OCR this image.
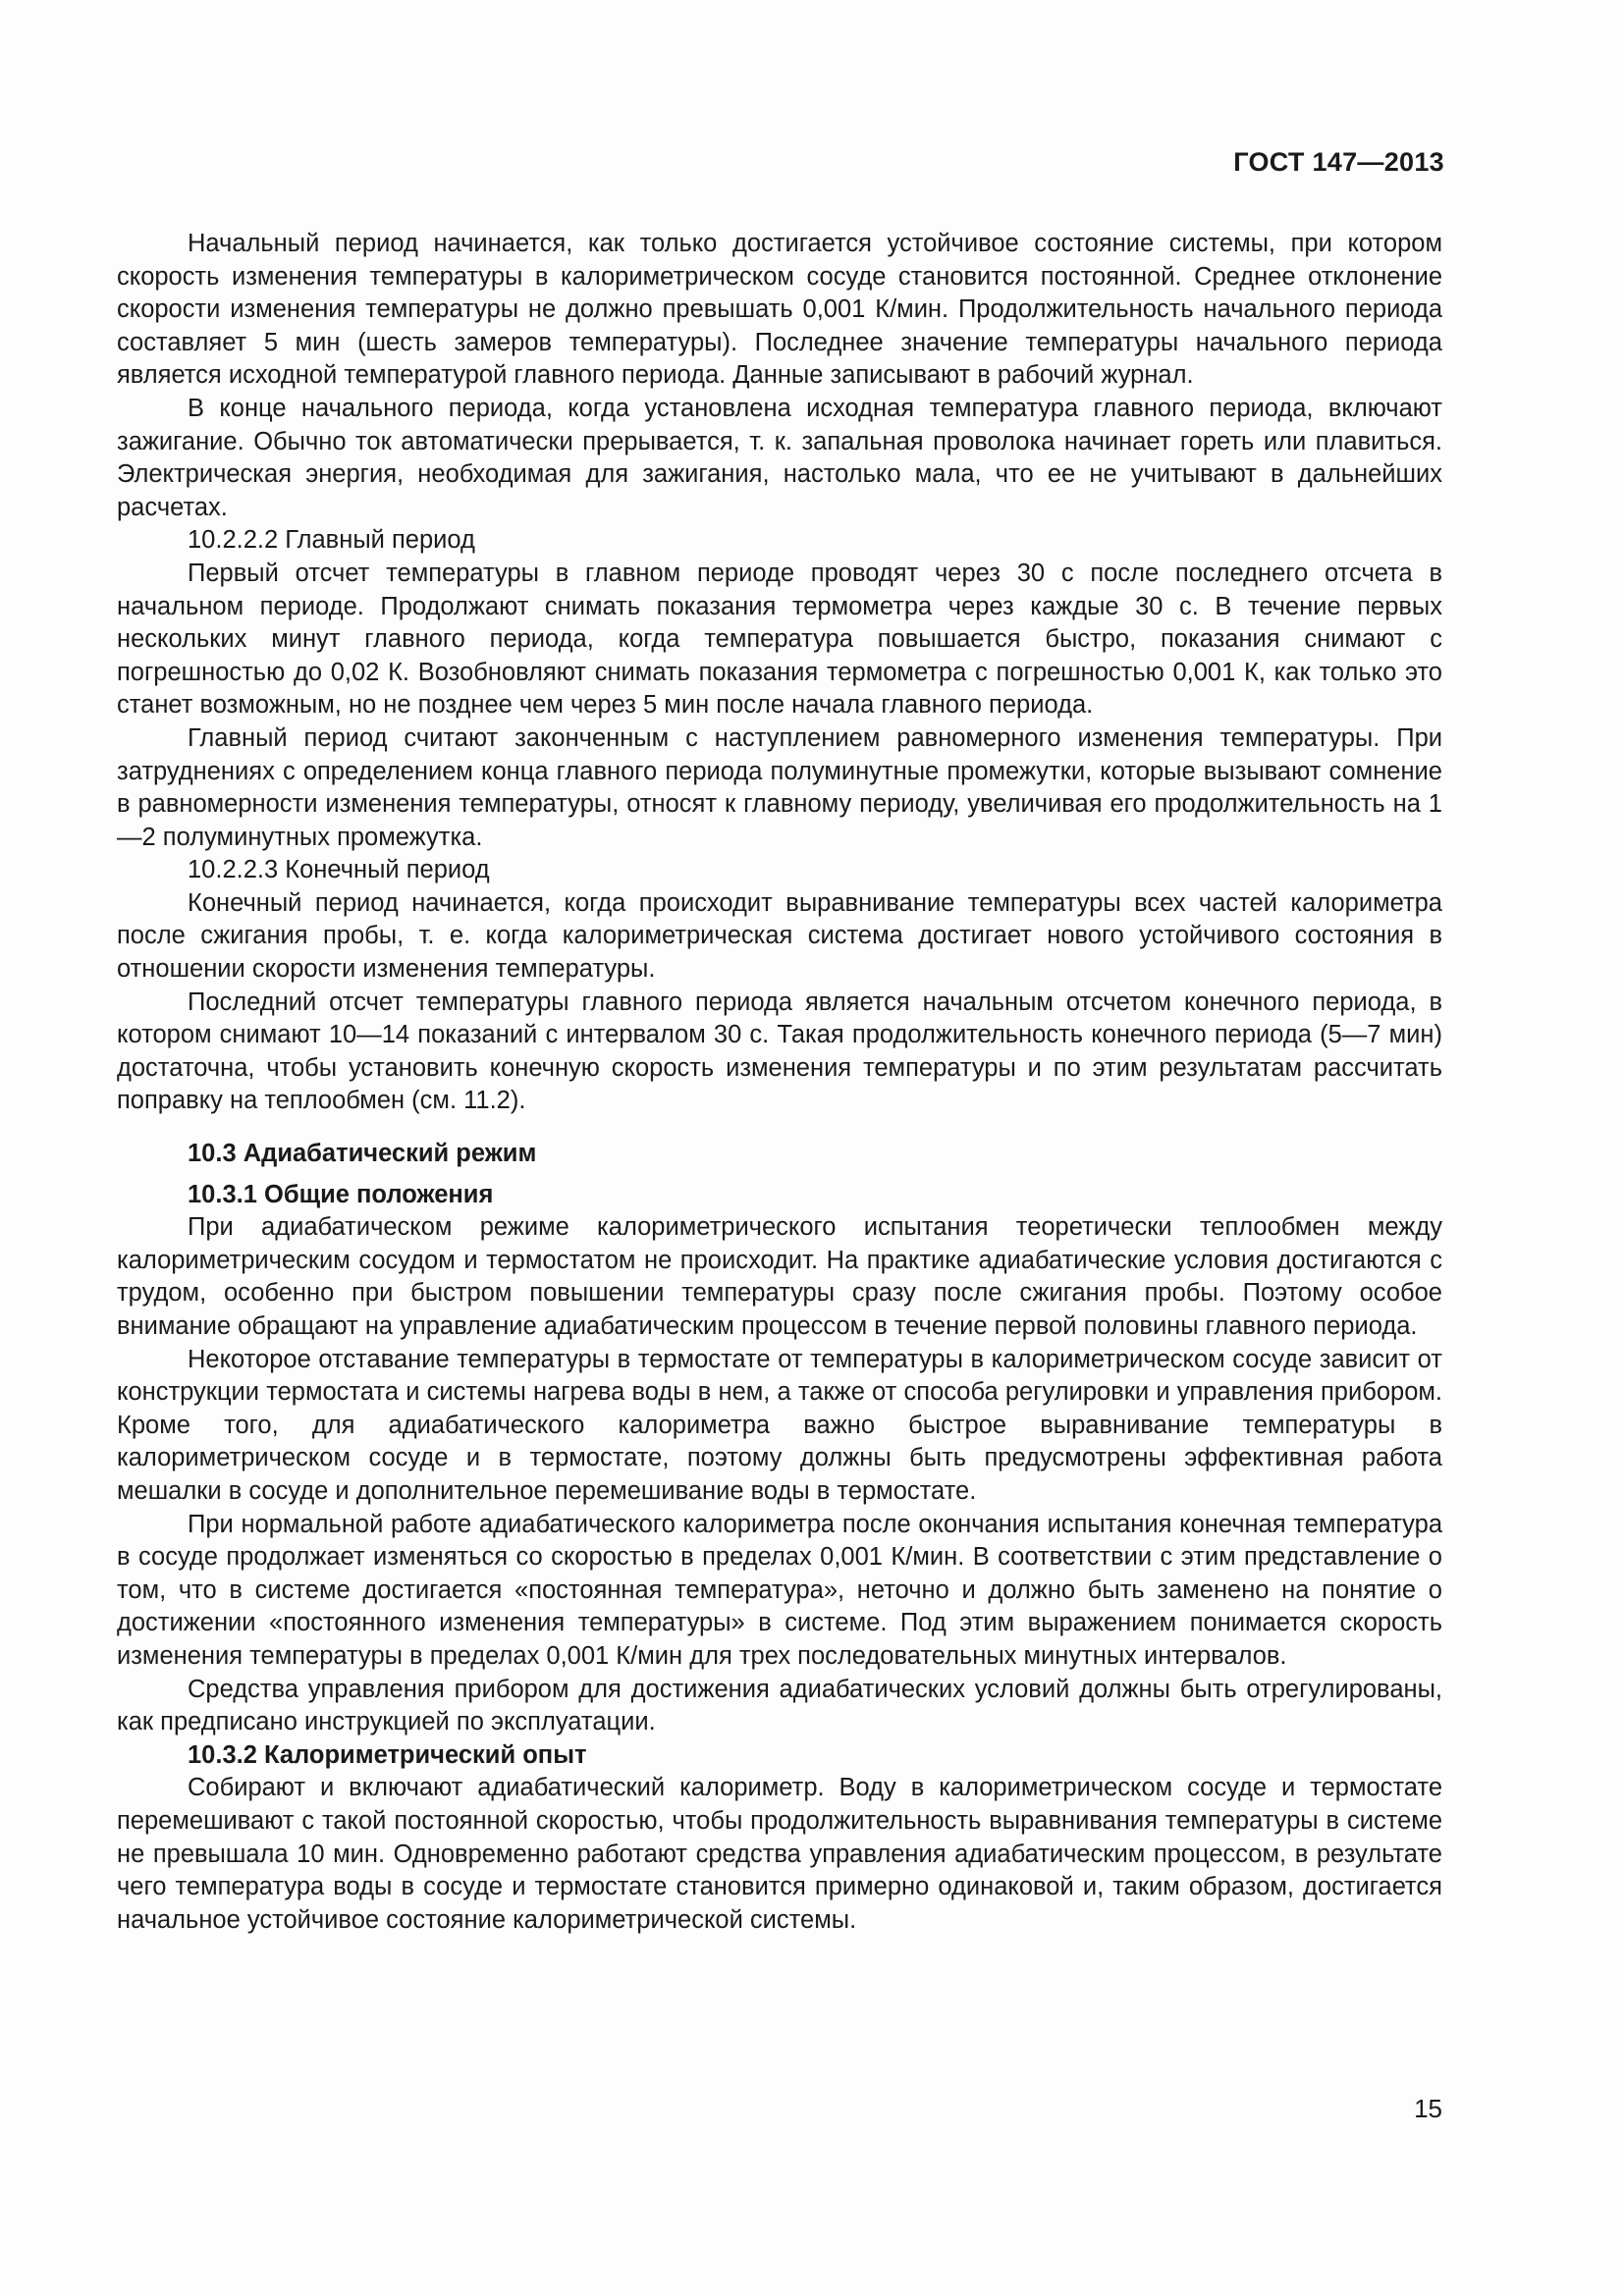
ГОСТ 147—2013

Начальный период начинается, как только достигается устойчивое состояние системы, при котором скорость изменения температуры в калориметрическом сосуде становится постоянной. Среднее отклонение скорости изменения температуры не должно превышать 0,001 К/мин. Продолжительность начального периода составляет 5 мин (шесть замеров температуры). Последнее значение температуры начального периода является исходной температурой главного периода. Данные записывают в рабочий журнал.

В конце начального периода, когда установлена исходная температура главного периода, включают зажигание. Обычно ток автоматически прерывается, т. к. запальная проволока начинает гореть или плавиться. Электрическая энергия, необходимая для зажигания, настолько мала, что ее не учитывают в дальнейших расчетах.

10.2.2.2 Главный период

Первый отсчет температуры в главном периоде проводят через 30 с после последнего отсчета в начальном периоде. Продолжают снимать показания термометра через каждые 30 с. В течение первых нескольких минут главного периода, когда температура повышается быстро, показания снимают с погрешностью до 0,02 К. Возобновляют снимать показания термометра с погрешностью 0,001 К, как только это станет возможным, но не позднее чем через 5 мин после начала главного периода.

Главный период считают законченным с наступлением равномерного изменения температуры. При затруднениях с определением конца главного периода полуминутные промежутки, которые вызывают сомнение в равномерности изменения температуры, относят к главному периоду, увеличивая его продолжительность на 1—2 полуминутных промежутка.

10.2.2.3 Конечный период

Конечный период начинается, когда происходит выравнивание температуры всех частей калориметра после сжигания пробы, т. е. когда калориметрическая система достигает нового устойчивого состояния в отношении скорости изменения температуры.

Последний отсчет температуры главного периода является начальным отсчетом конечного периода, в котором снимают 10—14 показаний с интервалом 30 с. Такая продолжительность конечного периода (5—7 мин) достаточна, чтобы установить конечную скорость изменения температуры и по этим результатам рассчитать поправку на теплообмен (см. 11.2).

10.3 Адиабатический режим

10.3.1 Общие положения

При адиабатическом режиме калориметрического испытания теоретически теплообмен между калориметрическим сосудом и термостатом не происходит. На практике адиабатические условия достигаются с трудом, особенно при быстром повышении температуры сразу после сжигания пробы. Поэтому особое внимание обращают на управление адиабатическим процессом в течение первой половины главного периода.

Некоторое отставание температуры в термостате от температуры в калориметрическом сосуде зависит от конструкции термостата и системы нагрева воды в нем, а также от способа регулировки и управления прибором. Кроме того, для адиабатического калориметра важно быстрое выравнивание температуры в калориметрическом сосуде и в термостате, поэтому должны быть предусмотрены эффективная работа мешалки в сосуде и дополнительное перемешивание воды в термостате.

При нормальной работе адиабатического калориметра после окончания испытания конечная температура в сосуде продолжает изменяться со скоростью в пределах 0,001 К/мин. В соответствии с этим представление о том, что в системе достигается «постоянная температура», неточно и должно быть заменено на понятие о достижении «постоянного изменения температуры» в системе. Под этим выражением понимается скорость изменения температуры в пределах 0,001 К/мин для трех последовательных минутных интервалов.

Средства управления прибором для достижения адиабатических условий должны быть отрегулированы, как предписано инструкцией по эксплуатации.

10.3.2 Калориметрический опыт

Собирают и включают адиабатический калориметр. Воду в калориметрическом сосуде и термостате перемешивают с такой постоянной скоростью, чтобы продолжительность выравнивания температуры в системе не превышала 10 мин. Одновременно работают средства управления адиабатическим процессом, в результате чего температура воды в сосуде и термостате становится примерно одинаковой и, таким образом, достигается начальное устойчивое состояние калориметрической системы.

15
